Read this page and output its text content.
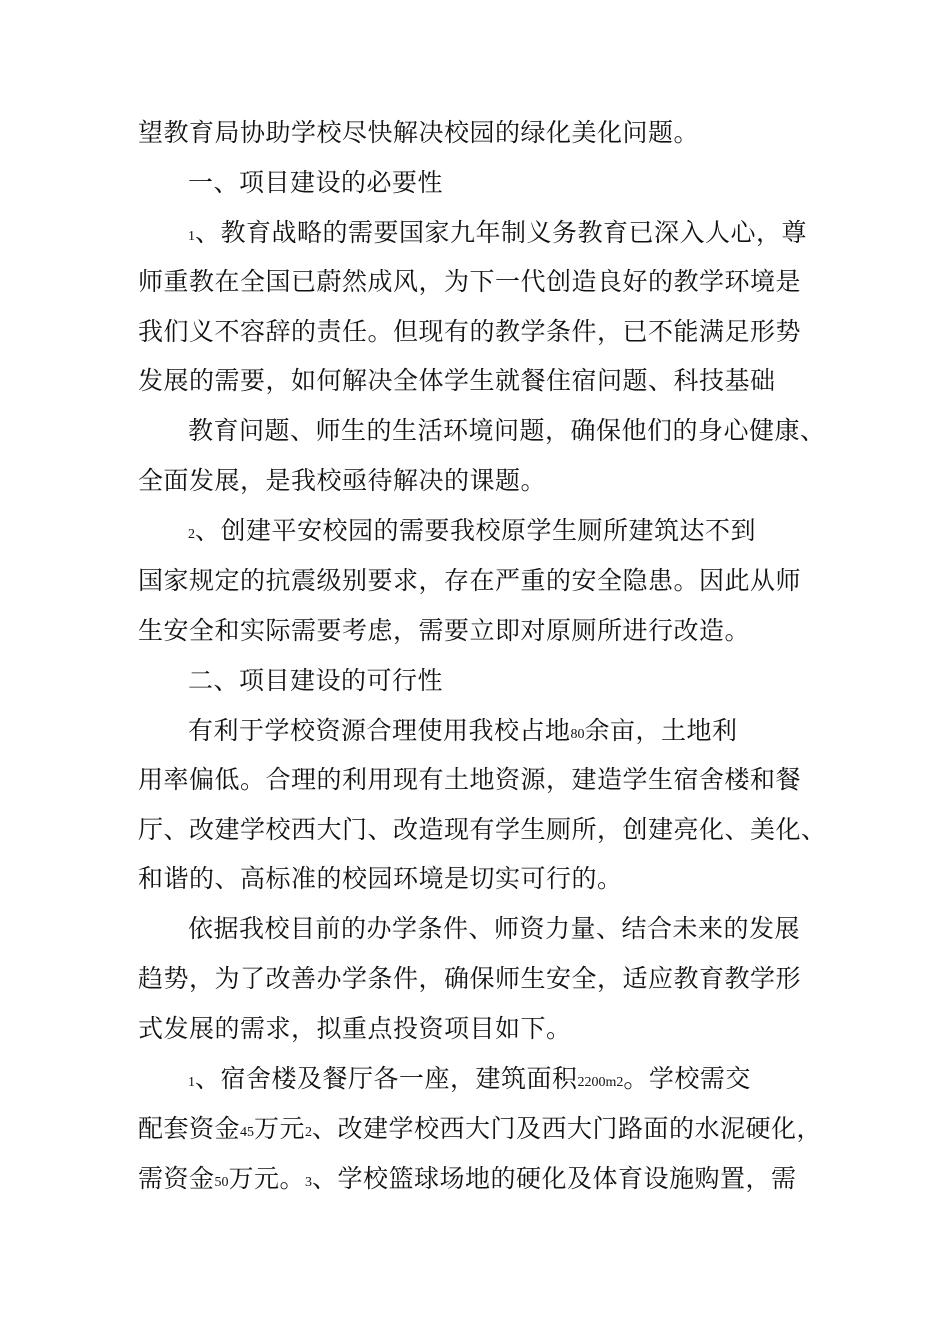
望教育局协助学校尽快解决校园的绿化美化问题。
一、项目建设的必要性
1、教育战略的需要国家九年制义务教育已深入人心，尊
师重教在全国已蔚然成风，为下一代创造良好的教学环境是
我们义不容辞的责任。但现有的教学条件，已不能满足形势
发展的需要，如何解决全体学生就餐住宿问题、科技基础
教育问题、师生的生活环境问题，确保他们的身心健康、
全面发展，是我校亟待解决的课题。
2、创建平安校园的需要我校原学生厕所建筑达不到
国家规定的抗震级别要求，存在严重的安全隐患。因此从师
生安全和实际需要考虑，需要立即对原厕所进行改造。
二、项目建设的可行性
有利于学校资源合理使用我校占地80余亩，土地利
用率偏低。合理的利用现有土地资源，建造学生宿舍楼和餐
厅、改建学校西大门、改造现有学生厕所，创建亮化、美化、
和谐的、高标准的校园环境是切实可行的。
依据我校目前的办学条件、师资力量、结合未来的发展
趋势，为了改善办学条件，确保师生安全，适应教育教学形
式发展的需求，拟重点投资项目如下。
1、宿舍楼及餐厅各一座，建筑面积2200m2。学校需交
配套资金45万元2、改建学校西大门及西大门路面的水泥硬化，
需资金50万元。3、学校篮球场地的硬化及体育设施购置，需
